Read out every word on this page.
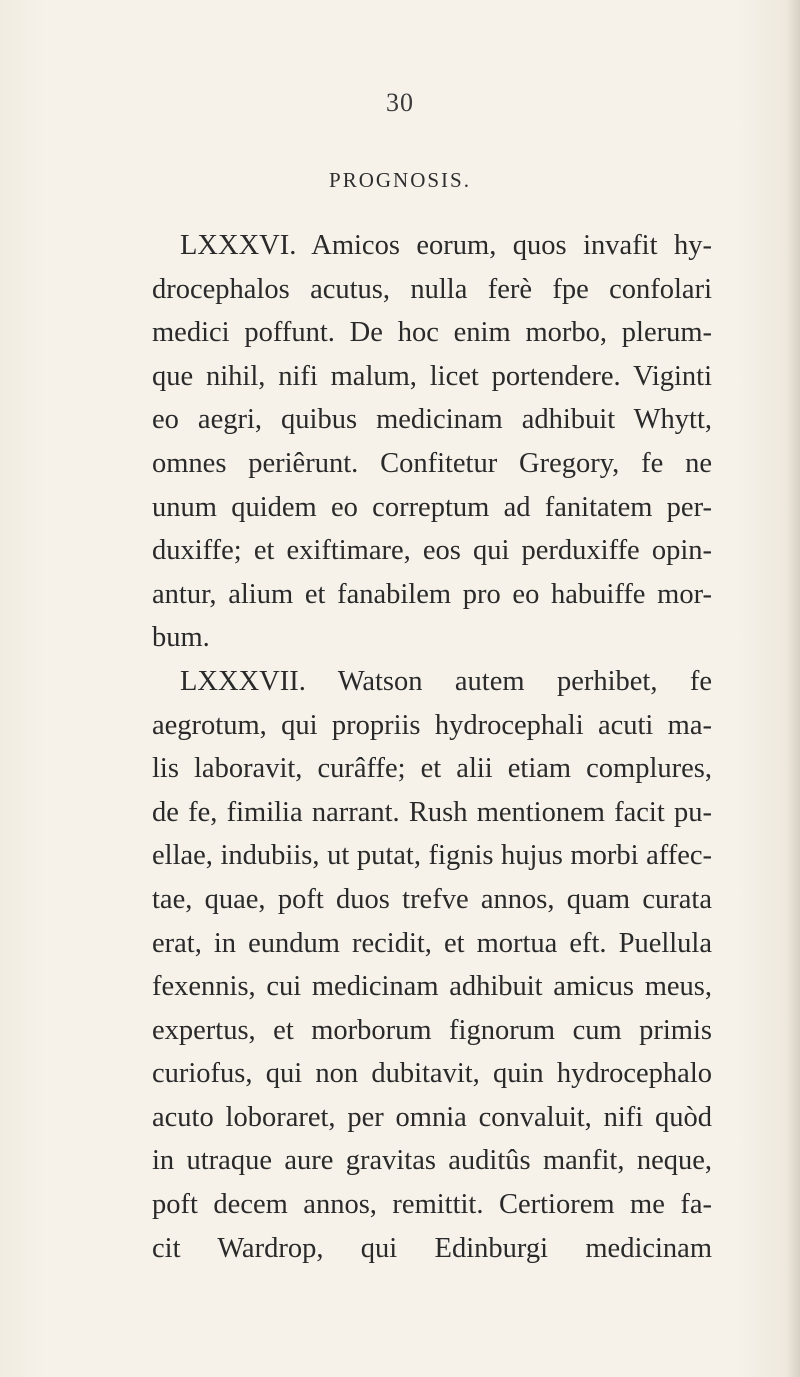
30
PROGNOSIS.
LXXXVI. Amicos eorum, quos invafit hy-
drocephalos acutus, nulla ferè fpe confolari
medici poffunt. De hoc enim morbo, plerum-
que nihil, nifi malum, licet portendere. Viginti
eo aegri, quibus medicinam adhibuit Whytt,
omnes periêrunt. Confitetur Gregory, fe ne
unum quidem eo correptum ad fanitatem per-
duxiffe; et exiftimare, eos qui perduxiffe opin-
antur, alium et fanabilem pro eo habuiffe mor-
bum.
LXXXVII. Watson autem perhibet, fe
aegrotum, qui propriis hydrocephali acuti ma-
lis laboravit, curâffe; et alii etiam complures,
de fe, fimilia narrant. Rush mentionem facit pu-
ellae, indubiis, ut putat, fignis hujus morbi affec-
tae, quae, poft duos trefve annos, quam curata
erat, in eundum recidit, et mortua eft. Puellula
fexennis, cui medicinam adhibuit amicus meus,
expertus, et morborum fignorum cum primis
curiofus, qui non dubitavit, quin hydrocephalo
acuto loboraret, per omnia convaluit, nifi quòd
in utraque aure gravitas auditûs manfit, neque,
poft decem annos, remittit. Certiorem me fa-
cit Wardrop, qui Edinburgi medicinam
